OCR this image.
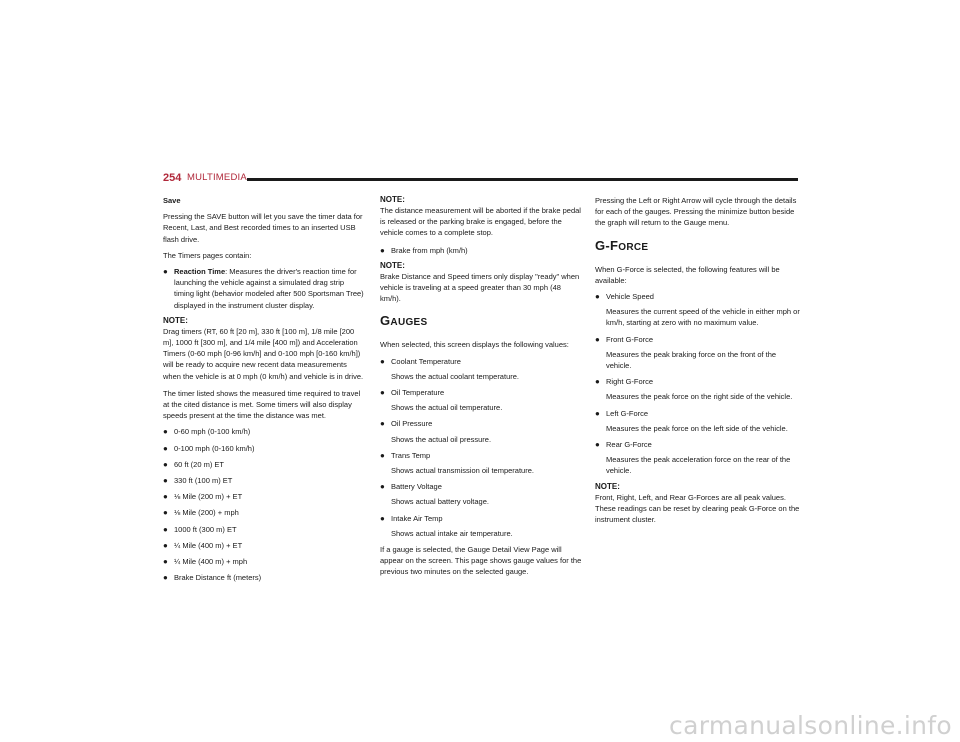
254 MULTIMEDIA

Save

Pressing the SAVE button will let you save the timer data for Recent, Last, and Best recorded times to an inserted USB flash drive.

The Timers pages contain:

● Reaction Time: Measures the driver's reaction time for launching the vehicle against a simulated drag strip timing light (behavior modeled after 500 Sportsman Tree) displayed in the instrument cluster display.

NOTE:

Drag timers (RT, 60 ft [20 m], 330 ft [100 m], 1/8 mile [200 m], 1000 ft [300 m], and 1/4 mile [400 m]) and Acceleration Timers (0-60 mph [0-96 km/h] and 0-100 mph [0-160 km/h]) will be ready to acquire new recent data measurements when the vehicle is at 0 mph (0 km/h) and vehicle is in drive.

The timer listed shows the measured time required to travel at the cited distance is met. Some timers will also display speeds present at the time the distance was met.

● 0-60 mph (0-100 km/h)
● 0-100 mph (0-160 km/h)
● 60 ft (20 m) ET
● 330 ft (100 m) ET
● ⅛ Mile (200 m) + ET
● ⅛ Mile (200) + mph
● 1000 ft (300 m) ET
● ¼ Mile (400 m) + ET
● ¼ Mile (400 m) + mph
● Brake Distance ft (meters)

NOTE:

The distance measurement will be aborted if the brake pedal is released or the parking brake is engaged, before the vehicle comes to a complete stop.

● Brake from mph (km/h)

NOTE:

Brake Distance and Speed timers only display "ready" when vehicle is traveling at a speed greater than 30 mph (48 km/h).

GAUGES

When selected, this screen displays the following values:

● Coolant Temperature
Shows the actual coolant temperature.
● Oil Temperature
Shows the actual oil temperature.
● Oil Pressure
Shows the actual oil pressure.
● Trans Temp
Shows actual transmission oil temperature.
● Battery Voltage
Shows actual battery voltage.
● Intake Air Temp
Shows actual intake air temperature.

If a gauge is selected, the Gauge Detail View Page will appear on the screen. This page shows gauge values for the previous two minutes on the selected gauge.

Pressing the Left or Right Arrow will cycle through the details for each of the gauges. Pressing the minimize button beside the graph will return to the Gauge menu.

G-FORCE

When G-Force is selected, the following features will be available:

● Vehicle Speed
Measures the current speed of the vehicle in either mph or km/h, starting at zero with no maximum value.
● Front G-Force
Measures the peak braking force on the front of the vehicle.
● Right G-Force
Measures the peak force on the right side of the vehicle.
● Left G-Force
Measures the peak force on the left side of the vehicle.
● Rear G-Force
Measures the peak acceleration force on the rear of the vehicle.

NOTE:

Front, Right, Left, and Rear G-Forces are all peak values. These readings can be reset by clearing peak G-Force on the instrument cluster.

carmanualsonline.info
